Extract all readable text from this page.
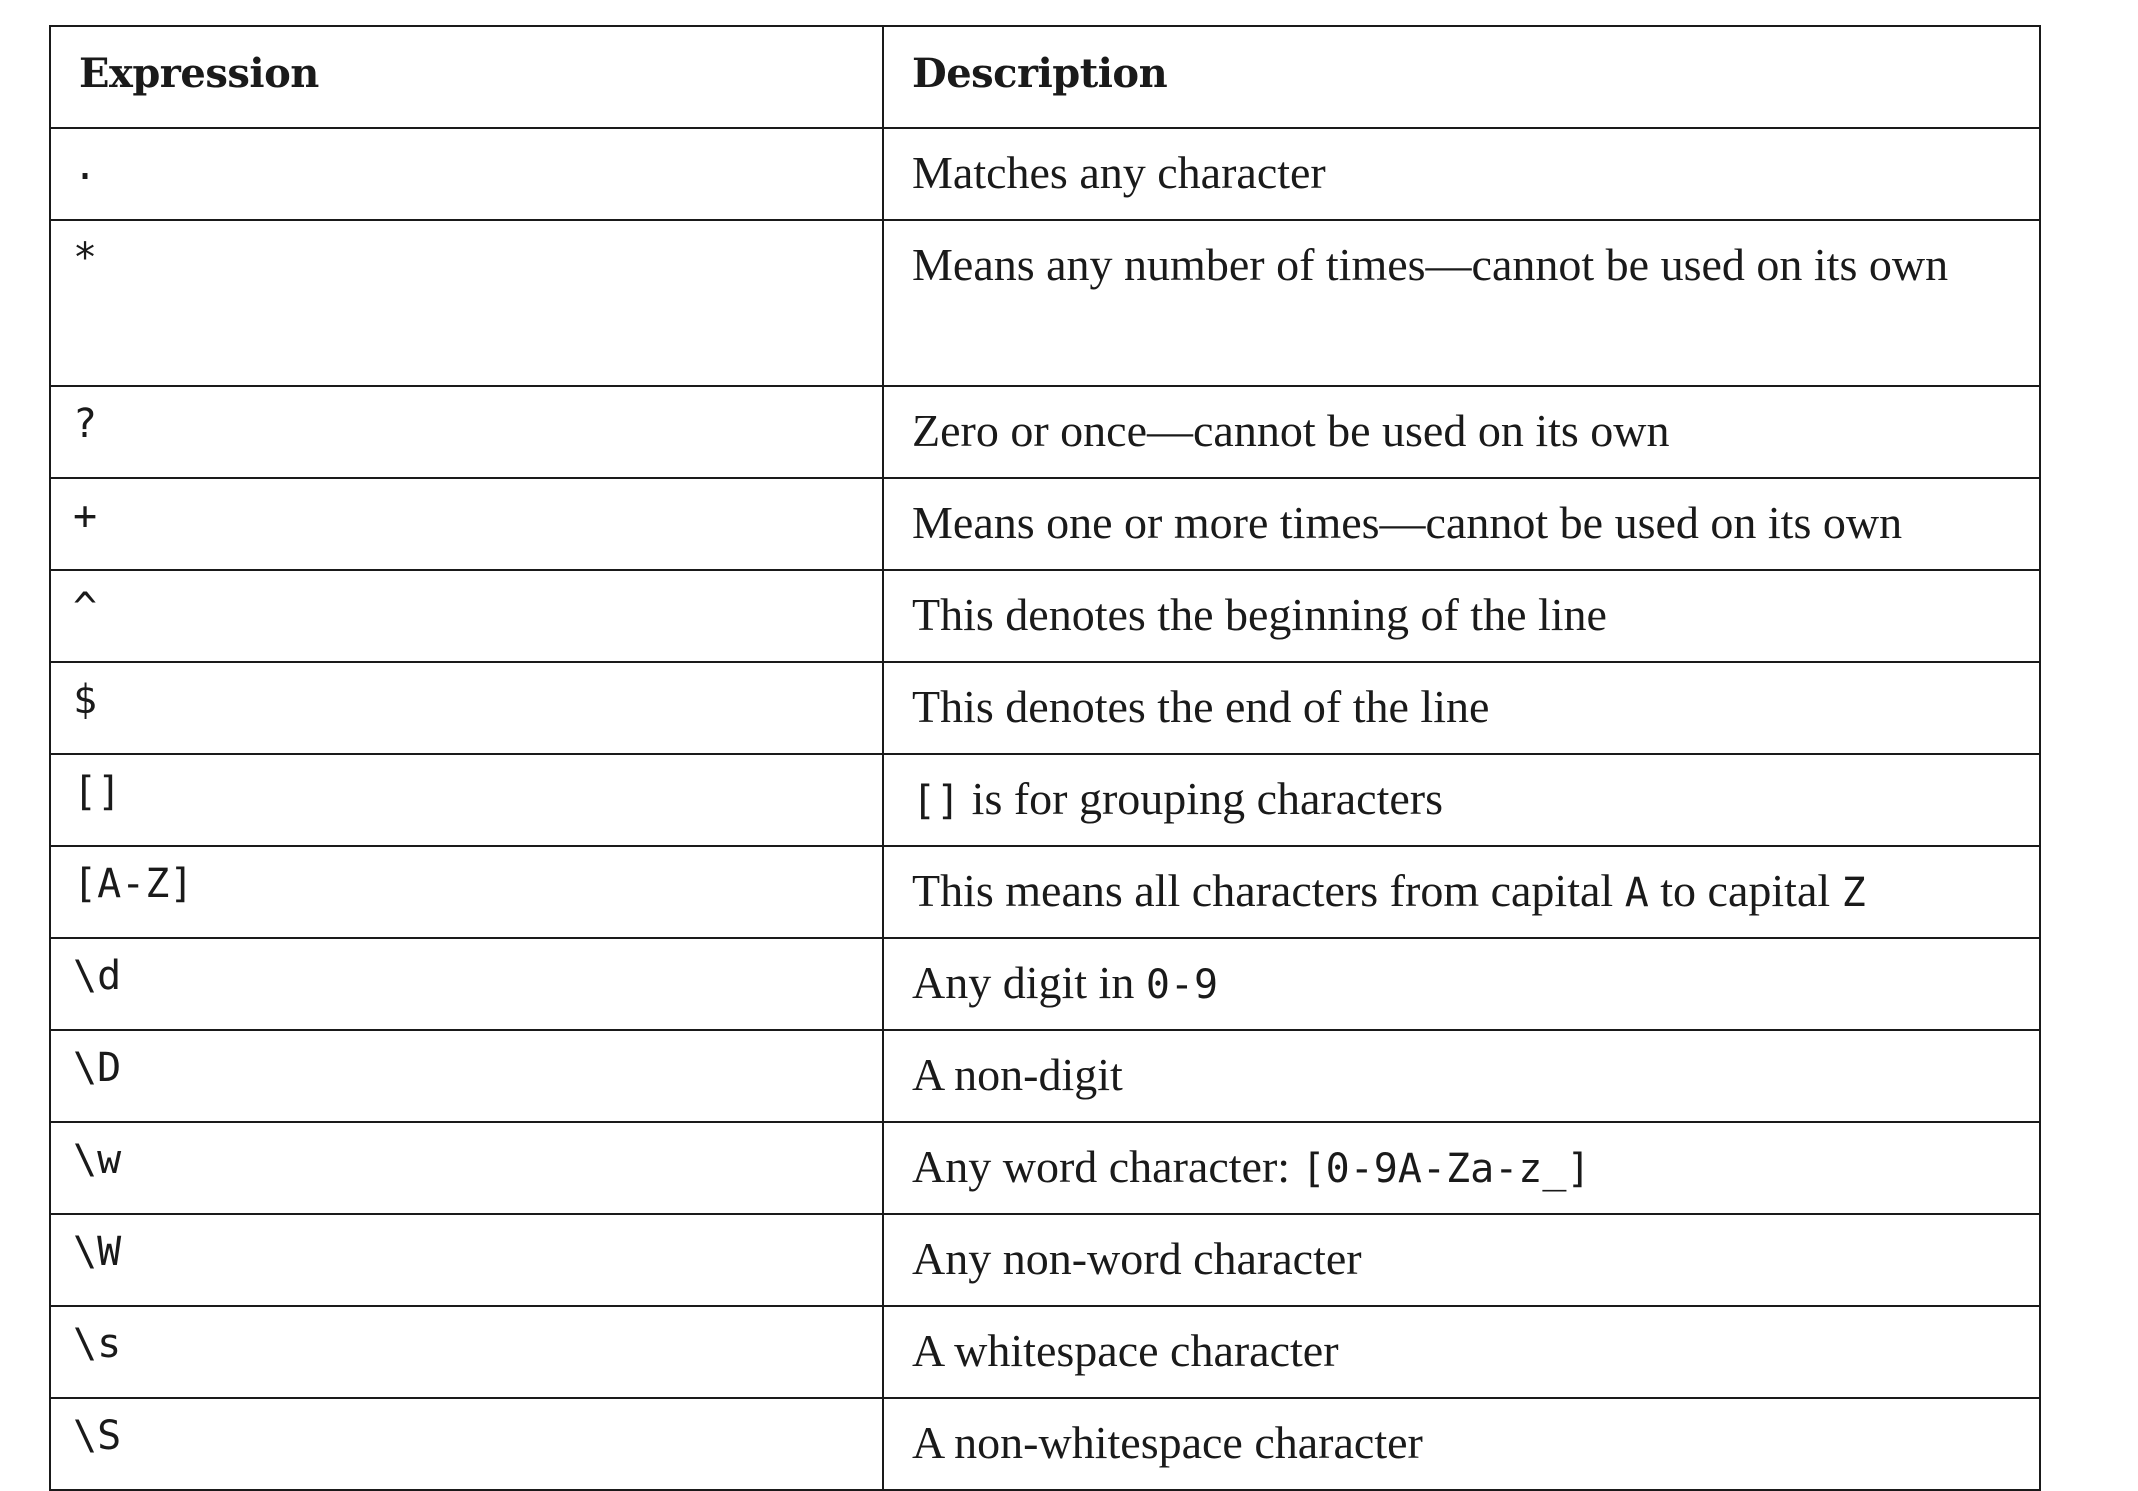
Expression	Description
.	Matches any character
*	Means any number of times—cannot be used on its own
?	Zero or once—cannot be used on its own
+	Means one or more times—cannot be used on its own
^	This denotes the beginning of the line
$	This denotes the end of the line
[]	[] is for grouping characters
[A-Z]	This means all characters from capital A to capital Z
\d	Any digit in 0-9
\D	A non-digit
\w	Any word character: [0-9A-Za-z_]
\W	Any non-word character
\s	A whitespace character
\S	A non-whitespace character
